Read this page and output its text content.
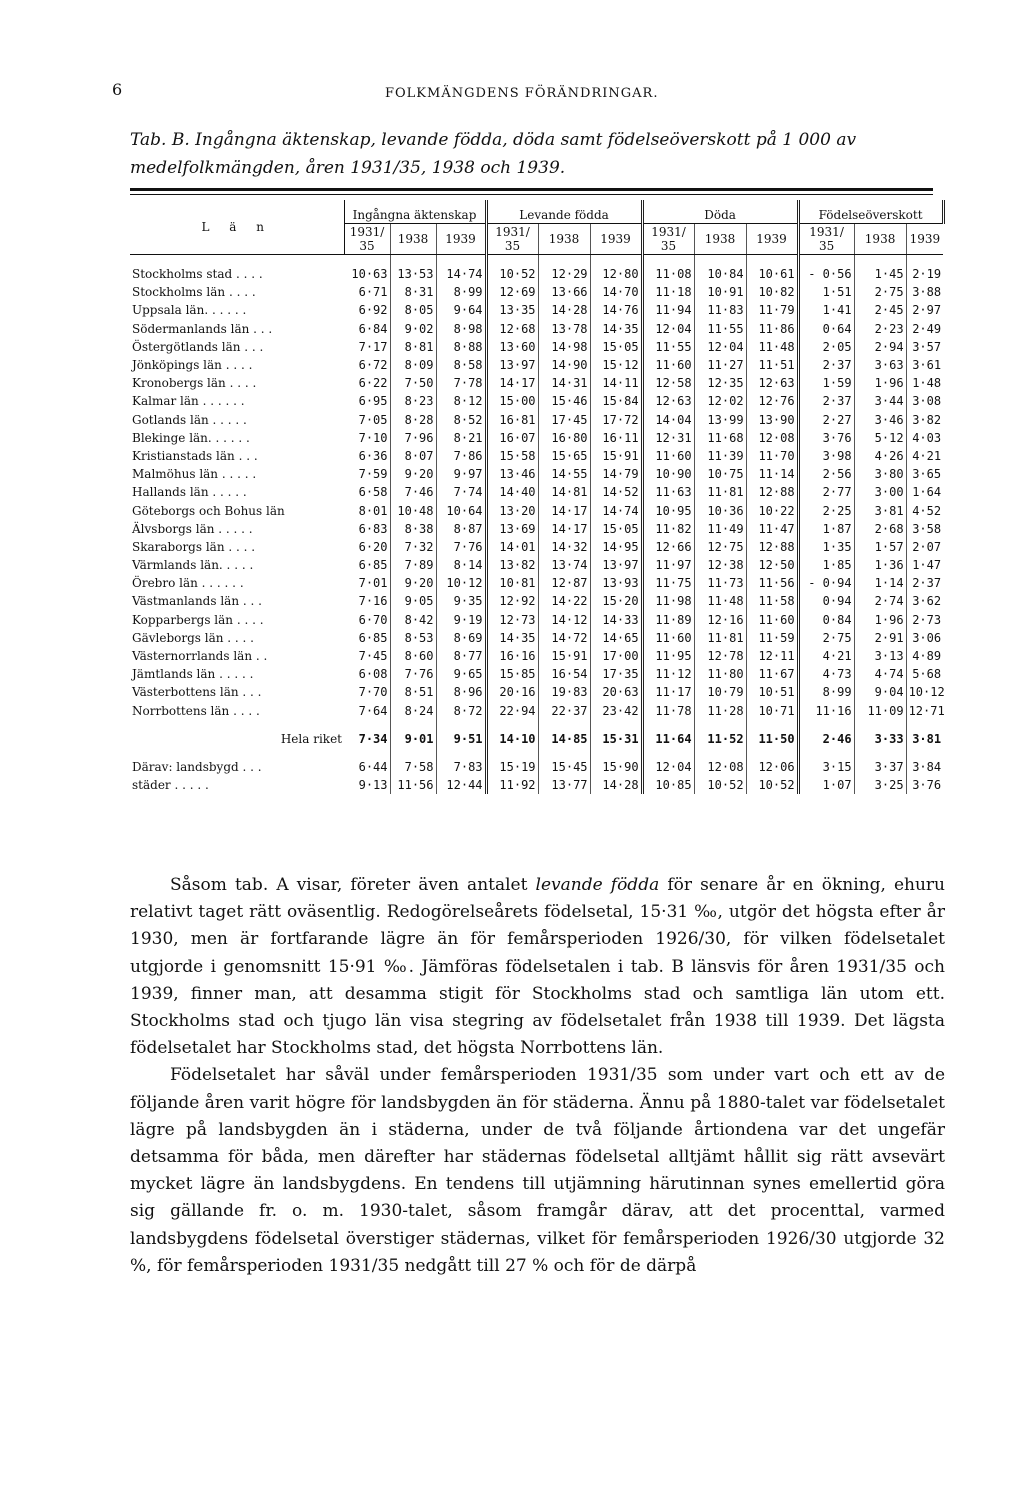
6	FOLKMÄNGDENS FÖRÄNDRINGAR.
Tab. B. Ingångna äktenskap, levande födda, döda samt födelseöverskott på 1 000 av medelfolkmängden, åren 1931/35, 1938 och 1939.
L ä n	Ingångna äktenskap			Levande födda			Döda			Födelseöverskott		
	1931/ 35	1938	1939	1931/ 35	1938	1939	1931/ 35	1938	1939	1931/ 35	1938	1939

Stockholms stad . . . .	10·63	13·53	14·74	10·52	12·29	12·80	11·08	10·84	10·61	- 0·56	1·45	2·19
Stockholms län . . . .	6·71	8·31	8·99	12·69	13·66	14·70	11·18	10·91	10·82	1·51	2·75	3·88
Uppsala län. . . . . .	6·92	8·05	9·64	13·35	14·28	14·76	11·94	11·83	11·79	1·41	2·45	2·97
Södermanlands län . . .	6·84	9·02	8·98	12·68	13·78	14·35	12·04	11·55	11·86	0·64	2·23	2·49
Östergötlands län . . .	7·17	8·81	8·88	13·60	14·98	15·05	11·55	12·04	11·48	2·05	2·94	3·57
Jönköpings län . . . .	6·72	8·09	8·58	13·97	14·90	15·12	11·60	11·27	11·51	2·37	3·63	3·61
Kronobergs län . . . .	6·22	7·50	7·78	14·17	14·31	14·11	12·58	12·35	12·63	1·59	1·96	1·48
Kalmar län . . . . . .	6·95	8·23	8·12	15·00	15·46	15·84	12·63	12·02	12·76	2·37	3·44	3·08
Gotlands län . . . . .	7·05	8·28	8·52	16·81	17·45	17·72	14·04	13·99	13·90	2·27	3·46	3·82
Blekinge län. . . . . .	7·10	7·96	8·21	16·07	16·80	16·11	12·31	11·68	12·08	3·76	5·12	4·03
Kristianstads län . . .	6·36	8·07	7·86	15·58	15·65	15·91	11·60	11·39	11·70	3·98	4·26	4·21
Malmöhus län . . . . .	7·59	9·20	9·97	13·46	14·55	14·79	10·90	10·75	11·14	2·56	3·80	3·65
Hallands län . . . . .	6·58	7·46	7·74	14·40	14·81	14·52	11·63	11·81	12·88	2·77	3·00	1·64
Göteborgs och Bohus län	8·01	10·48	10·64	13·20	14·17	14·74	10·95	10·36	10·22	2·25	3·81	4·52
Älvsborgs län . . . . .	6·83	8·38	8·87	13·69	14·17	15·05	11·82	11·49	11·47	1·87	2·68	3·58
Skaraborgs län . . . .	6·20	7·32	7·76	14·01	14·32	14·95	12·66	12·75	12·88	1·35	1·57	2·07
Värmlands län. . . . .	6·85	7·89	8·14	13·82	13·74	13·97	11·97	12·38	12·50	1·85	1·36	1·47
Örebro län . . . . . .	7·01	9·20	10·12	10·81	12·87	13·93	11·75	11·73	11·56	- 0·94	1·14	2·37
Västmanlands län . . .	7·16	9·05	9·35	12·92	14·22	15·20	11·98	11·48	11·58	0·94	2·74	3·62
Kopparbergs län . . . .	6·70	8·42	9·19	12·73	14·12	14·33	11·89	12·16	11·60	0·84	1·96	2·73
Gävleborgs län . . . .	6·85	8·53	8·69	14·35	14·72	14·65	11·60	11·81	11·59	2·75	2·91	3·06
Västernorrlands län . .	7·45	8·60	8·77	16·16	15·91	17·00	11·95	12·78	12·11	4·21	3·13	4·89
Jämtlands län . . . . .	6·08	7·76	9·65	15·85	16·54	17·35	11·12	11·80	11·67	4·73	4·74	5·68
Västerbottens län . . .	7·70	8·51	8·96	20·16	19·83	20·63	11·17	10·79	10·51	8·99	9·04	10·12
Norrbottens län . . . .	7·64	8·24	8·72	22·94	22·37	23·42	11·78	11·28	10·71	11·16	11·09	12·71

Hela riket	7·34	9·01	9·51	14·10	14·85	15·31	11·64	11·52	11·50	2·46	3·33	3·81

Därav: landsbygd . . .	6·44	7·58	7·83	15·19	15·45	15·90	12·04	12·08	12·06	3·15	3·37	3·84
städer . . . . .	9·13	11·56	12·44	11·92	13·77	14·28	10·85	10·52	10·52	1·07	3·25	3·76

Såsom tab. A visar, företer även antalet levande födda för senare år en ökning, ehuru relativt taget rätt oväsentlig. Redogörelseårets födelsetal, 15·31 ‰, utgör det högsta efter år 1930, men är fortfarande lägre än för femårsperioden 1926/30, för vilken födelsetalet utgjorde i genomsnitt 15·91 ‰. Jämföras födelsetalen i tab. B länsvis för åren 1931/35 och 1939, finner man, att desamma stigit för Stockholms stad och samtliga län utom ett. Stockholms stad och tjugo län visa stegring av födelsetalet från 1938 till 1939. Det lägsta födelsetalet har Stockholms stad, det högsta Norrbottens län.

Födelsetalet har såväl under femårsperioden 1931/35 som under vart och ett av de följande åren varit högre för landsbygden än för städerna. Ännu på 1880-talet var födelsetalet lägre på landsbygden än i städerna, under de två följande årtiondena var det ungefär detsamma för båda, men därefter har städernas födelsetal alltjämt hållit sig rätt avsevärt mycket lägre än landsbygdens. En tendens till utjämning härutinnan synes emellertid göra sig gällande fr. o. m. 1930-talet, såsom framgår därav, att det procenttal, varmed landsbygdens födelsetal överstiger städernas, vilket för femårsperioden 1926/30 utgjorde 32 %, för femårsperioden 1931/35 nedgått till 27 % och för de därpå
